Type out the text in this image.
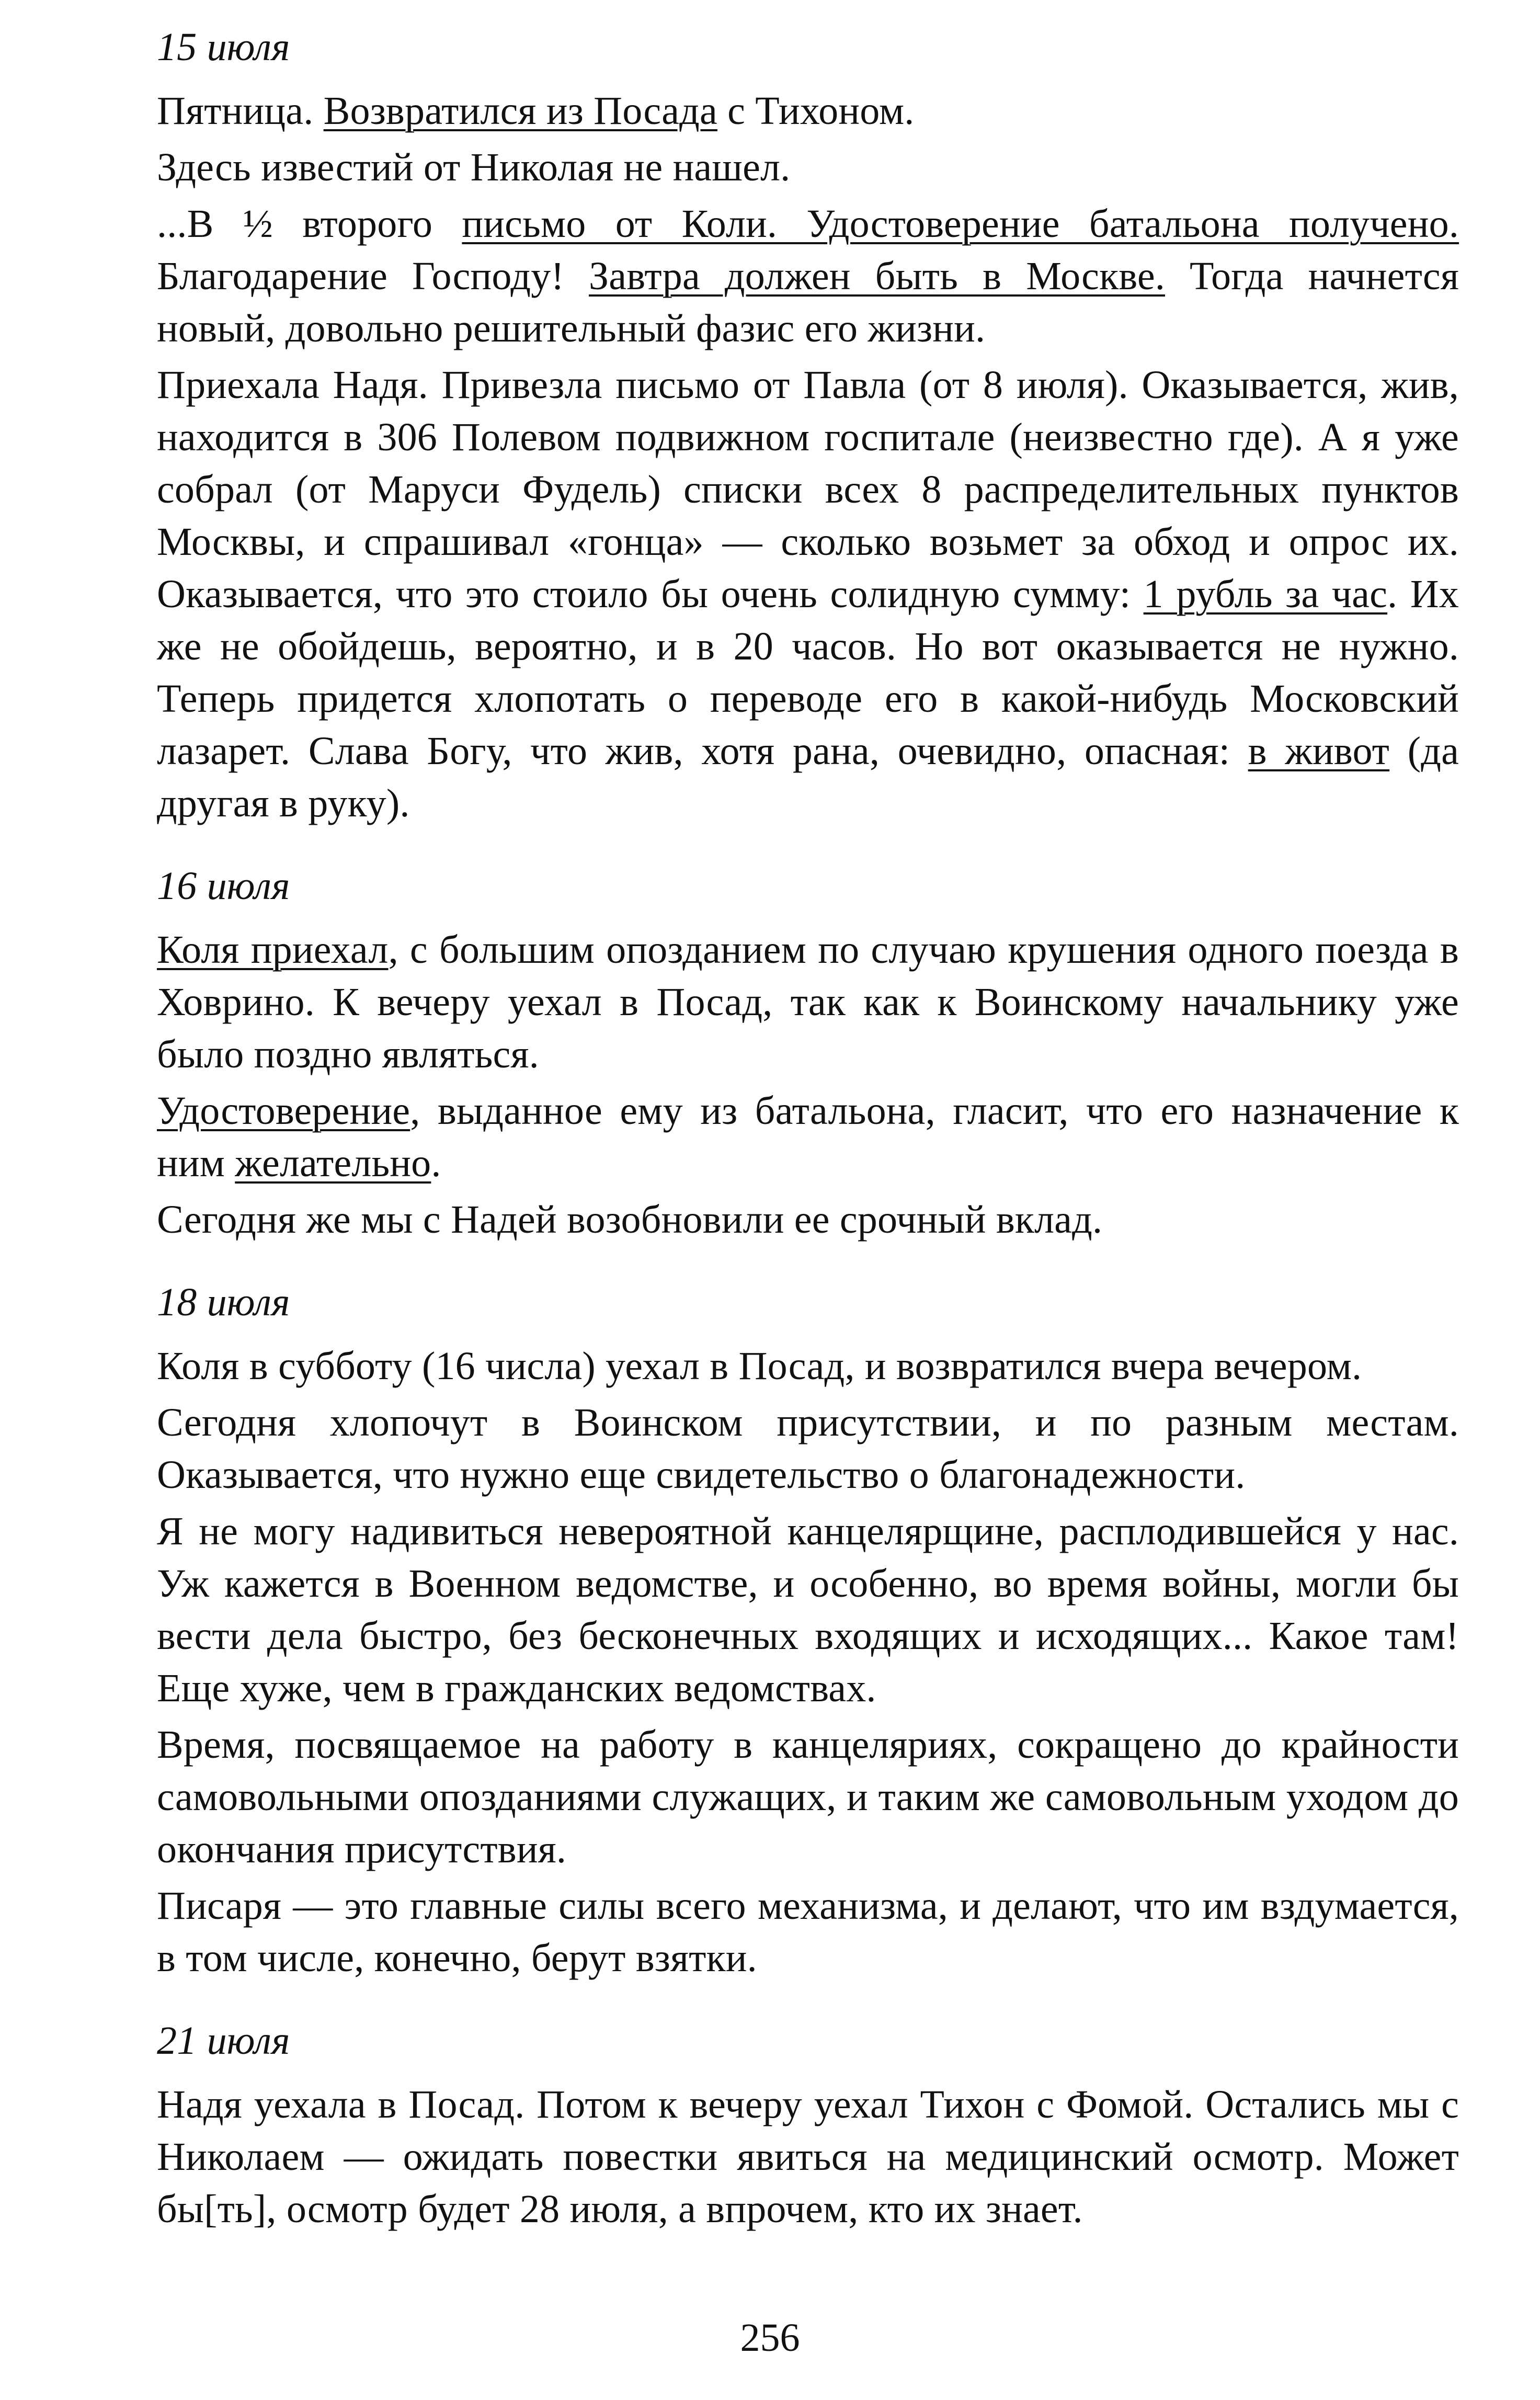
15 июля

Пятница. Возвратился из Посада с Тихоном.

Здесь известий от Николая не нашел.

...В ½ второго письмо от Коли. Удостоверение батальона получено. Благодарение Господу! Завтра должен быть в Москве. Тогда начнется новый, довольно решительный фазис его жизни.

Приехала Надя. Привезла письмо от Павла (от 8 июля). Оказывается, жив, находится в 306 Полевом подвижном госпитале (неизвестно где). А я уже собрал (от Маруси Фудель) списки всех 8 распределительных пунктов Москвы, и спрашивал «гонца» — сколько возьмет за обход и опрос их. Оказывается, что это стоило бы очень солидную сумму: 1 рубль за час. Их же не обойдешь, вероятно, и в 20 часов. Но вот оказывается не нужно. Теперь придется хлопотать о переводе его в какой-нибудь Московский лазарет. Слава Богу, что жив, хотя рана, очевидно, опасная: в живот (да другая в руку).

16 июля

Коля приехал, с большим опозданием по случаю крушения одного поезда в Ховрино. К вечеру уехал в Посад, так как к Воинскому начальнику уже было поздно являться.

Удостоверение, выданное ему из батальона, гласит, что его назначение к ним желательно.

Сегодня же мы с Надей возобновили ее срочный вклад.

18 июля

Коля в субботу (16 числа) уехал в Посад, и возвратился вчера вечером.

Сегодня хлопочут в Воинском присутствии, и по разным местам. Оказывается, что нужно еще свидетельство о благонадежности.

Я не могу надивиться невероятной канцелярщине, расплодившейся у нас. Уж кажется в Военном ведомстве, и особенно, во время войны, могли бы вести дела быстро, без бесконечных входящих и исходящих... Какое там! Еще хуже, чем в гражданских ведомствах.

Время, посвящаемое на работу в канцеляриях, сокращено до крайности самовольными опозданиями служащих, и таким же самовольным уходом до окончания присутствия.

Писаря — это главные силы всего механизма, и делают, что им вздумается, в том числе, конечно, берут взятки.

21 июля

Надя уехала в Посад. Потом к вечеру уехал Тихон с Фомой. Остались мы с Николаем — ожидать повестки явиться на медицинский осмотр. Может бы[ть], осмотр будет 28 июля, а впрочем, кто их знает.

256
